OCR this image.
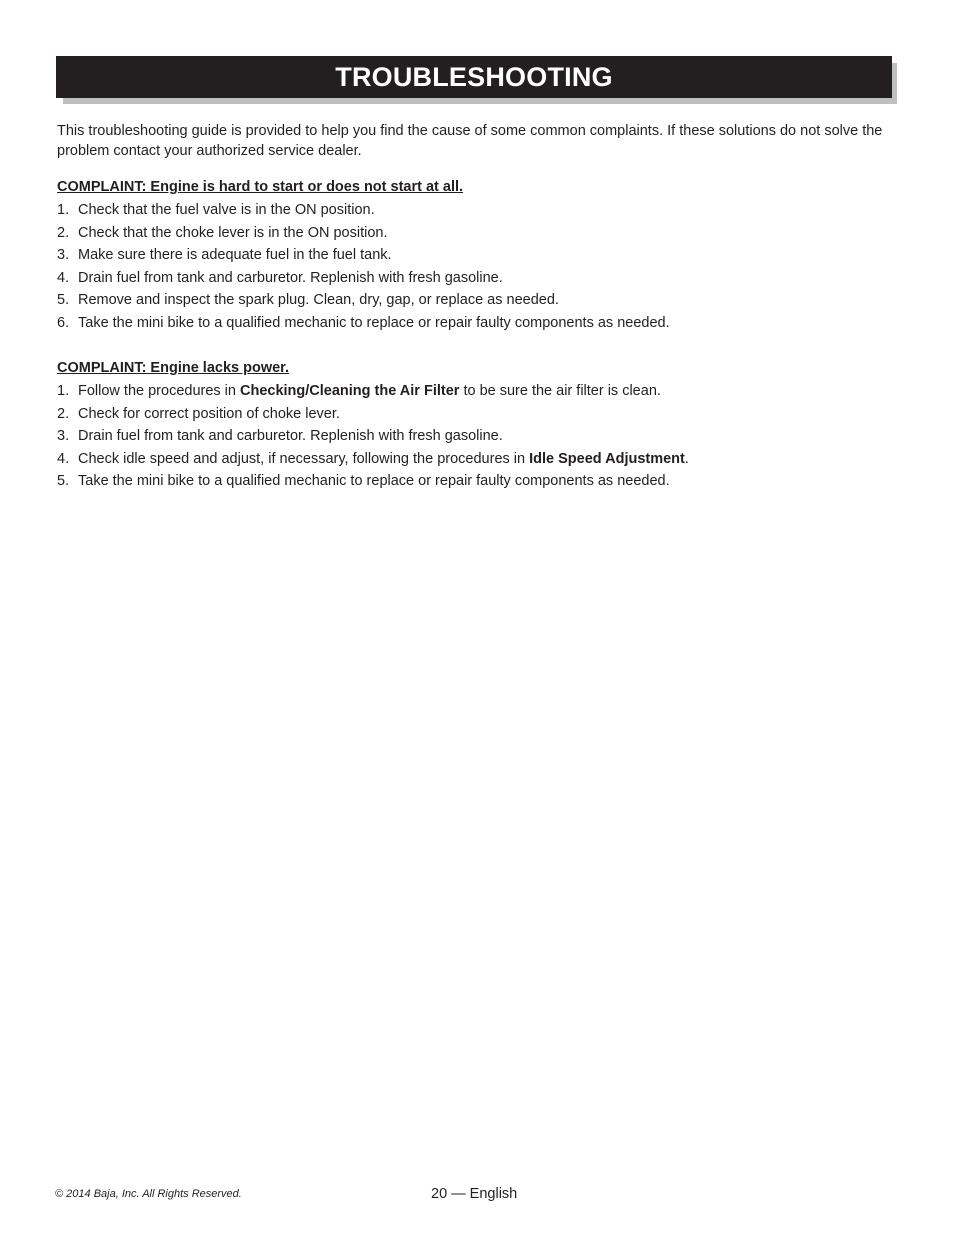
TROUBLESHOOTING

This troubleshooting guide is provided to help you find the cause of some common complaints. If these solutions do not solve the problem contact your authorized service dealer.

COMPLAINT: Engine is hard to start or does not start at all.
1. Check that the fuel valve is in the ON position.
2. Check that the choke lever is in the ON position.
3. Make sure there is adequate fuel in the fuel tank.
4. Drain fuel from tank and carburetor. Replenish with fresh gasoline.
5. Remove and inspect the spark plug. Clean, dry, gap, or replace as needed.
6. Take the mini bike to a qualified mechanic to replace or repair faulty components as needed.
COMPLAINT: Engine lacks power.
1. Follow the procedures in Checking/Cleaning the Air Filter to be sure the air filter is clean.
2. Check for correct position of choke lever.
3. Drain fuel from tank and carburetor. Replenish with fresh gasoline.
4. Check idle speed and adjust, if necessary, following the procedures in Idle Speed Adjustment.
5. Take the mini bike to a qualified mechanic to replace or repair faulty components as needed.
© 2014 Baja, Inc. All Rights Reserved.	20 — English
